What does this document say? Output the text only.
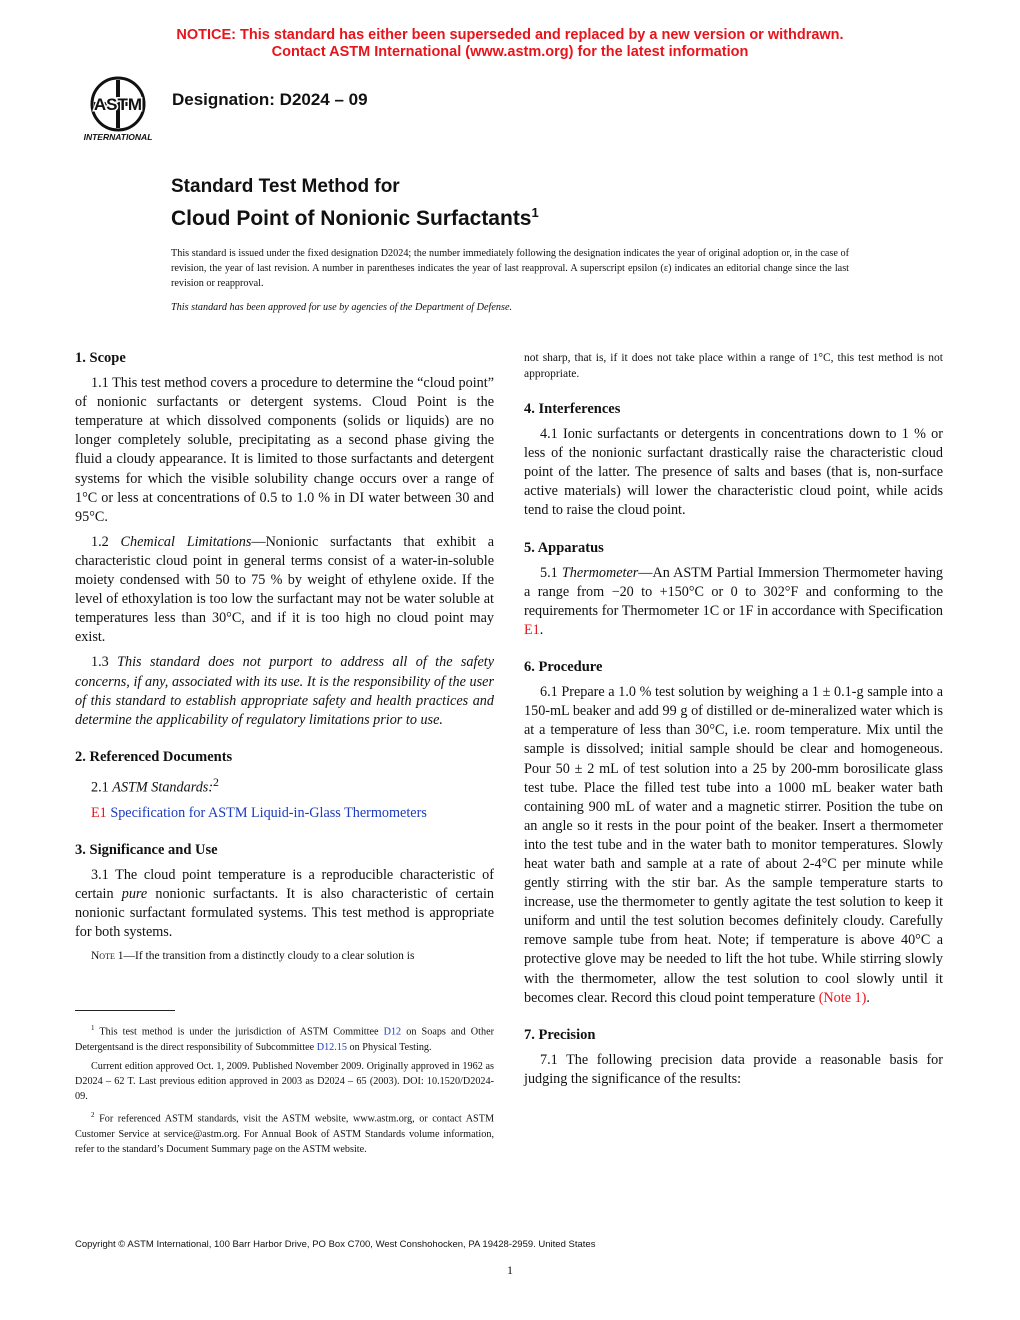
NOTICE: This standard has either been superseded and replaced by a new version or withdrawn.
Contact ASTM International (www.astm.org) for the latest information
ASTM
INTERNATIONAL
Designation: D2024 – 09
Standard Test Method for
Cloud Point of Nonionic Surfactants$^1$
This standard is issued under the fixed designation D2024; the number immediately following the designation indicates the year of original adoption or, in the case of revision, the year of last revision. A number in parentheses indicates the year of last reapproval. A superscript epsilon (ε) indicates an editorial change since the last revision or reapproval.
This standard has been approved for use by agencies of the Department of Defense.
1. Scope

1.1 This test method covers a procedure to determine the “cloud point” of nonionic surfactants or detergent systems. Cloud Point is the temperature at which dissolved components (solids or liquids) are no longer completely soluble, precipitating as a second phase giving the fluid a cloudy appearance. It is limited to those surfactants and detergent systems for which the visible solubility change occurs over a range of 1°C or less at concentrations of 0.5 to 1.0 % in DI water between 30 and 95°C.

1.2 Chemical Limitations—Nonionic surfactants that exhibit a characteristic cloud point in general terms consist of a water-in-soluble moiety condensed with 50 to 75 % by weight of ethylene oxide. If the level of ethoxylation is too low the surfactant may not be water soluble at temperatures less than 30°C, and if it is too high no cloud point may exist.

1.3 This standard does not purport to address all of the safety concerns, if any, associated with its use. It is the responsibility of the user of this standard to establish appropriate safety and health practices and determine the applicability of regulatory limitations prior to use.

2. Referenced Documents

2.1 ASTM Standards:$^2$

E1 Specification for ASTM Liquid-in-Glass Thermometers

3. Significance and Use

3.1 The cloud point temperature is a reproducible characteristic of certain pure nonionic surfactants. It is also characteristic of certain nonionic surfactant formulated systems. This test method is appropriate for both systems.

Note 1—If the transition from a distinctly cloudy to a clear solution is

not sharp, that is, if it does not take place within a range of 1°C, this test method is not appropriate.

4. Interferences

4.1 Ionic surfactants or detergents in concentrations down to 1 % or less of the nonionic surfactant drastically raise the characteristic cloud point of the latter. The presence of salts and bases (that is, non-surface active materials) will lower the characteristic cloud point, while acids tend to raise the cloud point.

5. Apparatus

5.1 Thermometer—An ASTM Partial Immersion Thermometer having a range from −20 to +150°C or 0 to 302°F and conforming to the requirements for Thermometer 1C or 1F in accordance with Specification E1.

6. Procedure

6.1 Prepare a 1.0 % test solution by weighing a 1 ± 0.1-g sample into a 150-mL beaker and add 99 g of distilled or de-mineralized water which is at a temperature of less than 30°C, i.e. room temperature. Mix until the sample is dissolved; initial sample should be clear and homogeneous. Pour 50 ± 2 mL of test solution into a 25 by 200-mm borosilicate glass test tube. Place the filled test tube into a 1000 mL beaker water bath containing 900 mL of water and a magnetic stirrer. Position the tube on an angle so it rests in the pour point of the beaker. Insert a thermometer into the test tube and in the water bath to monitor temperatures. Slowly heat water bath and sample at a rate of about 2-4°C per minute while gently stirring with the stir bar. As the sample temperature starts to increase, use the thermometer to gently agitate the test solution to keep it uniform and until the test solution becomes definitely cloudy. Carefully remove sample tube from heat. Note; if temperature is above 40°C a protective glove may be needed to lift the hot tube. While stirring slowly with the thermometer, allow the test solution to cool slowly until it becomes clear. Record this cloud point temperature (Note 1).

7. Precision

7.1 The following precision data provide a reasonable basis for judging the significance of the results:

$^1$ This test method is under the jurisdiction of ASTM Committee D12 on Soaps and Other Detergentsand is the direct responsibility of Subcommittee D12.15 on Physical Testing.

Current edition approved Oct. 1, 2009. Published November 2009. Originally approved in 1962 as D2024 – 62 T. Last previous edition approved in 2003 as D2024 – 65 (2003). DOI: 10.1520/D2024-09.

$^2$ For referenced ASTM standards, visit the ASTM website, www.astm.org, or contact ASTM Customer Service at service@astm.org. For Annual Book of ASTM Standards volume information, refer to the standard’s Document Summary page on the ASTM website.

Copyright © ASTM International, 100 Barr Harbor Drive, PO Box C700, West Conshohocken, PA 19428-2959. United States
1
